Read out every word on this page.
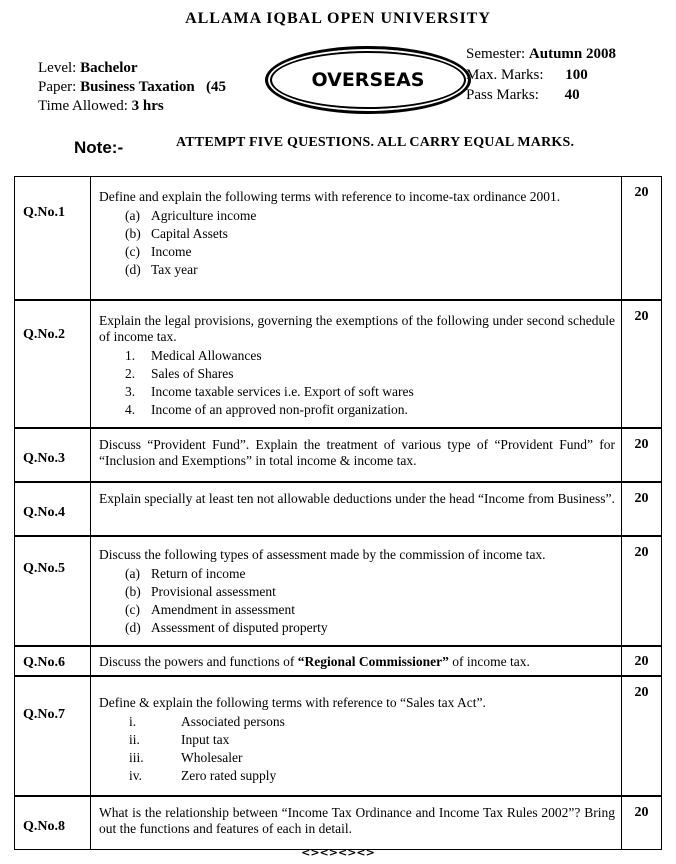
ALLAMA IQBAL OPEN UNIVERSITY
Level: Bachelor
Paper: Business Taxation (45
Time Allowed: 3 hrs
OVERSEAS
Semester: Autumn 2008
Max. Marks: 100
Pass Marks: 40
Note:-	ATTEMPT FIVE QUESTIONS. ALL CARRY EQUAL MARKS.
Q.No.1

Define and explain the following terms with reference to income-tax ordinance 2001.

(a) Agriculture income
(b) Capital Assets
(c) Income
(d) Tax year
20
Q.No.2

Explain the legal provisions, governing the exemptions of the following under second schedule of income tax.

1.	Medical Allowances
2.	Sales of Shares
3.	Income taxable services i.e. Export of soft wares
4.	Income of an approved non-profit organization.
20
Q.No.3

Discuss “Provident Fund”. Explain the treatment of various type of “Provident Fund” for “Inclusion and Exemptions” in total income & income tax.

20
Q.No.4

Explain specially at least ten not allowable deductions under the head “Income from Business”.	20
Q.No.5

Discuss the following types of assessment made by the commission of income tax.

(a) Return of income
(b) Provisional assessment
(c) Amendment in assessment
(d) Assessment of disputed property
20
Q.No.6	Discuss the powers and functions of “Regional Commissioner” of income tax.	20
Q.No.7

Define & explain the following terms with reference to “Sales tax Act”.

i.	Associated persons
ii.	Input tax
iii.	Wholesaler
iv.	Zero rated supply
20
Q.No.8

What is the relationship between “Income Tax Ordinance and Income Tax Rules 2002”? Bring out the functions and features of each in detail.

20
<><><><>
